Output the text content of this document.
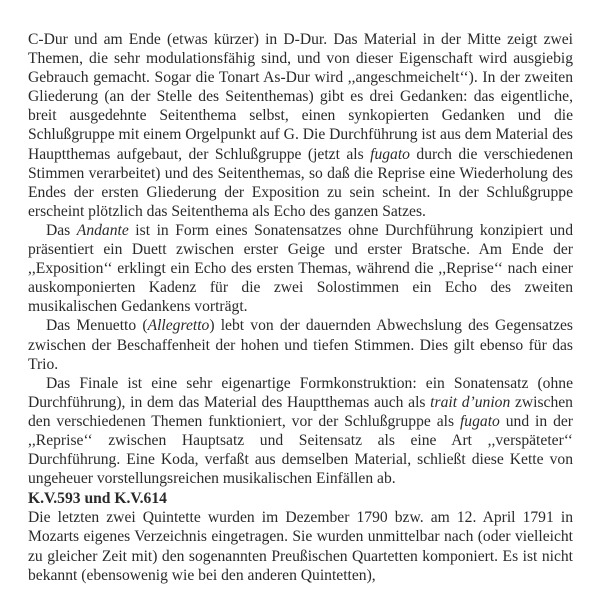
C-Dur und am Ende (etwas kürzer) in D-Dur. Das Material in der Mitte zeigt zwei Themen, die sehr modulationsfähig sind, und von dieser Eigenschaft wird ausgiebig Gebrauch gemacht. Sogar die Tonart As-Dur wird ,,angeschmeichelt‘‘). In der zweiten Gliederung (an der Stelle des Seitenthemas) gibt es drei Gedanken: das eigentliche, breit ausgedehnte Seitenthema selbst, einen synkopierten Gedanken und die Schlußgruppe mit einem Orgelpunkt auf G. Die Durchführung ist aus dem Material des Hauptthemas aufgebaut, der Schlußgruppe (jetzt als fugato durch die verschiedenen Stimmen verarbeitet) und des Seitenthemas, so daß die Reprise eine Wiederholung des Endes der ersten Gliederung der Exposition zu sein scheint. In der Schlußgruppe erscheint plötzlich das Seitenthema als Echo des ganzen Satzes.

Das Andante ist in Form eines Sonatensatzes ohne Durchführung konzipiert und präsentiert ein Duett zwischen erster Geige und erster Bratsche. Am Ende der ,,Exposition‘‘ erklingt ein Echo des ersten Themas, während die ,,Reprise‘‘ nach einer auskomponierten Kadenz für die zwei Solostimmen ein Echo des zweiten musikalischen Gedankens vorträgt.

Das Menuetto (Allegretto) lebt von der dauernden Abwechslung des Gegensatzes zwischen der Beschaffenheit der hohen und tiefen Stimmen. Dies gilt ebenso für das Trio.

Das Finale ist eine sehr eigenartige Formkonstruktion: ein Sonatensatz (ohne Durchführung), in dem das Material des Hauptthemas auch als trait d’union zwischen den verschiedenen Themen funktioniert, vor der Schlußgruppe als fugato und in der ,,Reprise‘‘ zwischen Hauptsatz und Seitensatz als eine Art ,,verspäteter‘‘ Durchführung. Eine Koda, verfaßt aus demselben Material, schließt diese Kette von ungeheuer vorstellungsreichen musikalischen Einfällen ab.

K.V.593 und K.V.614

Die letzten zwei Quintette wurden im Dezember 1790 bzw. am 12. April 1791 in Mozarts eigenes Verzeichnis eingetragen. Sie wurden unmittelbar nach (oder vielleicht zu gleicher Zeit mit) den sogenannten Preußischen Quartetten komponiert. Es ist nicht bekannt (ebensowenig wie bei den anderen Quintetten),
